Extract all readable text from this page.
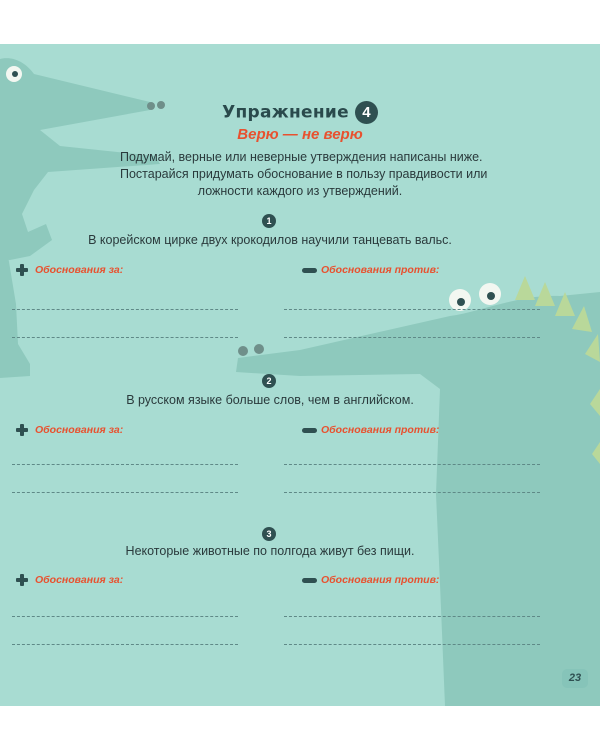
Упражнение 4
Верю — не верю
Подумай, верные или неверные утверждения написаны ниже.
Постарайся придумать обоснование в пользу правдивости или
ложности каждого из утверждений.
1
В корейском цирке двух крокодилов научили танцевать вальс.
Обоснования за:	Обоснования против:
2
В русском языке больше слов, чем в английском.
Обоснования за:	Обоснования против:
3
Некоторые животные по полгода живут без пищи.
Обоснования за:	Обоснования против:
23
